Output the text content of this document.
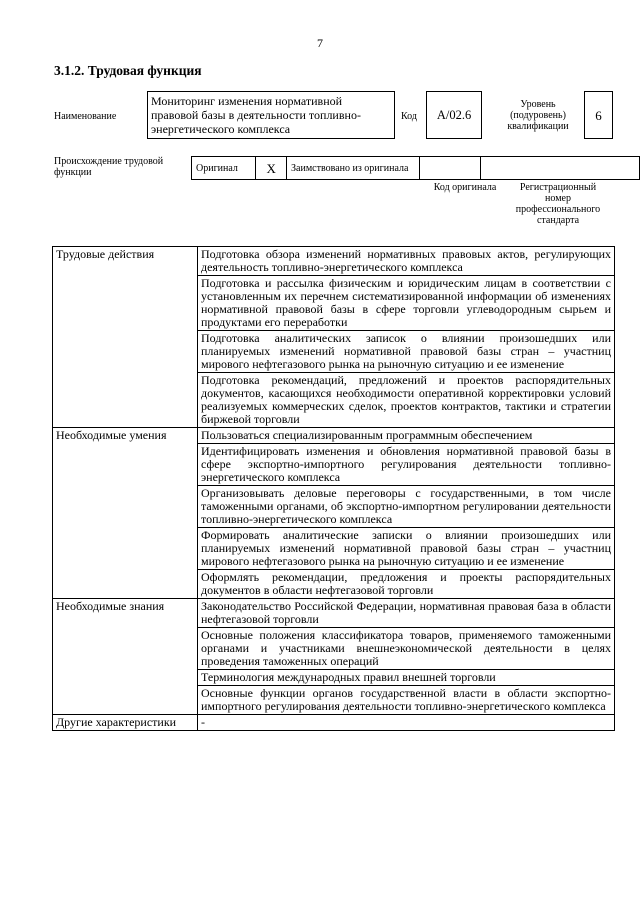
7
3.1.2. Трудовая функция
Наименование
Мониторинг изменения нормативной правовой базы в деятельности топливно-энергетического комплекса
Код	А/02.6
Уровень (подуровень) квалификации
6
Происхождение трудовой функции	Оригинал	Х	Заимствовано из оригинала		
Код оригинала	Регистрационный номер профессионального стандарта
Трудовые действия	Подготовка обзора изменений нормативных правовых актов, регулирующих деятельность топливно-энергетического комплекса
	Подготовка и рассылка физическим и юридическим лицам в соответствии с установленным их перечнем систематизированной информации об изменениях нормативной правовой базы в сфере торговли углеводородным сырьем и продуктами его переработки
	Подготовка аналитических записок о влиянии произошедших или планируемых изменений нормативной правовой базы стран – участниц мирового нефтегазового рынка на рыночную ситуацию и ее изменение
	Подготовка рекомендаций, предложений и проектов распорядительных документов, касающихся необходимости оперативной корректировки условий реализуемых коммерческих сделок, проектов контрактов, тактики и стратегии биржевой торговли
Необходимые умения	Пользоваться специализированным программным обеспечением
	Идентифицировать изменения и обновления нормативной правовой базы в сфере экспортно-импортного регулирования деятельности топливно-энергетического комплекса
	Организовывать деловые переговоры с государственными, в том числе таможенными органами, об экспортно-импортном регулировании деятельности топливно-энергетического комплекса
	Формировать аналитические записки о влиянии произошедших или планируемых изменений нормативной правовой базы стран – участниц мирового нефтегазового рынка на рыночную ситуацию и ее изменение
	Оформлять рекомендации, предложения и проекты распорядительных документов в области нефтегазовой торговли
Необходимые знания	Законодательство Российской Федерации, нормативная правовая база в области нефтегазовой торговли
	Основные положения классификатора товаров, применяемого таможенными органами и участниками внешнеэкономической деятельности в целях проведения таможенных операций
	Терминология международных правил внешней торговли
	Основные функции органов государственной власти в области экспортно-импортного регулирования деятельности топливно-энергетического комплекса
Другие характеристики	-
